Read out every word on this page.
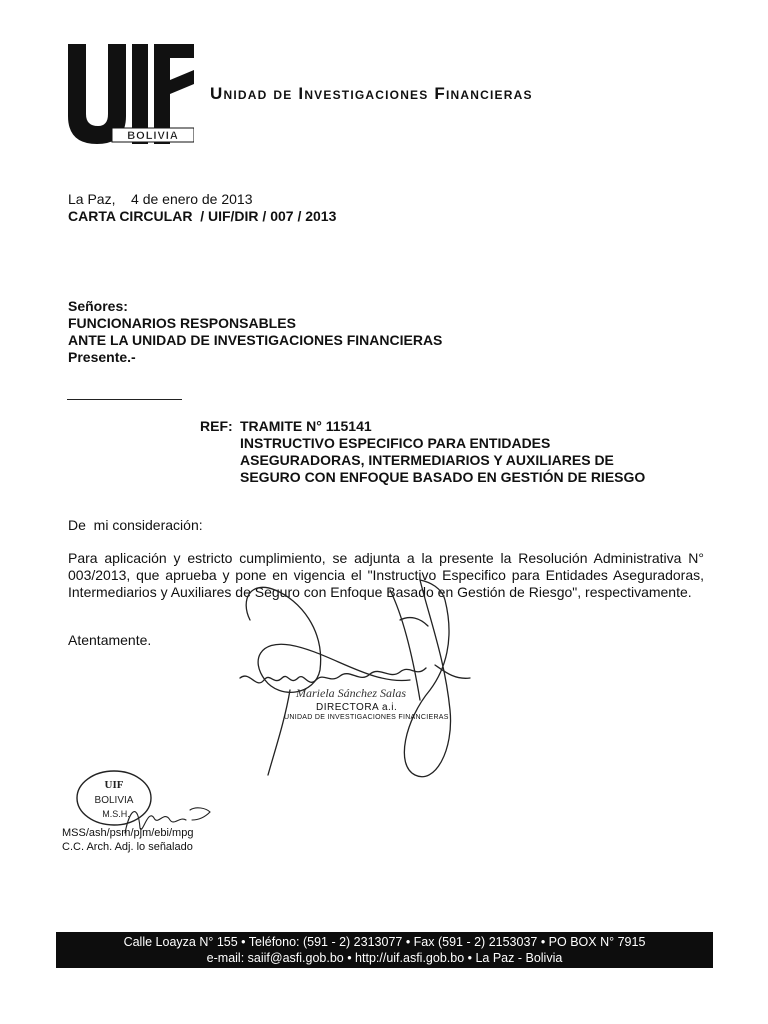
BOLIVIA
Unidad de Investigaciones Financieras
La Paz,    4 de enero de 2013
CARTA CIRCULAR  / UIF/DIR / 007 / 2013
Señores:
FUNCIONARIOS RESPONSABLES
ANTE LA UNIDAD DE INVESTIGACIONES FINANCIERAS
Presente.-
REF: TRAMITE N° 115141
INSTRUCTIVO ESPECIFICO PARA ENTIDADES
ASEGURADORAS, INTERMEDIARIOS Y AUXILIARES DE
SEGURO CON ENFOQUE BASADO EN GESTIÓN DE RIESGO
De  mi consideración:
Para aplicación y estricto cumplimiento, se adjunta a la presente la Resolución Administrativa N° 003/2013, que aprueba y pone en vigencia el "Instructivo Especifico para Entidades Aseguradoras, Intermediarios y Auxiliares de Seguro con Enfoque Basado en Gestión de Riesgo", respectivamente.
Atentamente.
Mariela Sánchez Salas
DIRECTORA a.i.
UNIDAD DE INVESTIGACIONES FINANCIERAS
UIF
BOLIVIA
M.S.H.
MSS/ash/psm/pjm/ebi/mpg
C.C. Arch. Adj. lo señalado
Calle Loayza N° 155 • Teléfono: (591 - 2) 2313077 • Fax (591 - 2) 2153037 • PO BOX N° 7915
e-mail: saiif@asfi.gob.bo • http://uif.asfi.gob.bo • La Paz - Bolivia
